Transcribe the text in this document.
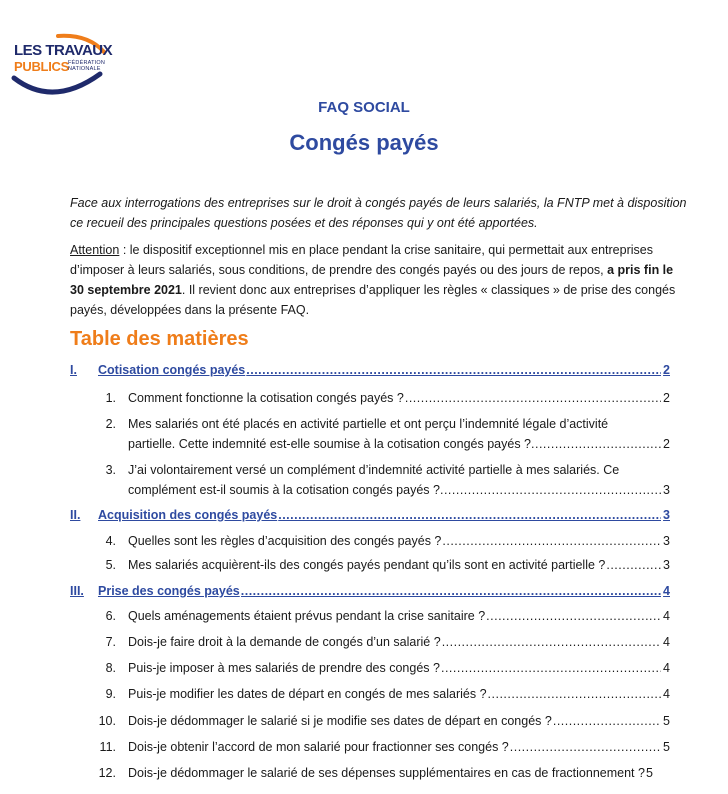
LES TRAVAUX
PUBLICS FÉDÉRATION
NATIONALE
FAQ SOCIAL
Congés payés
Face aux interrogations des entreprises sur le droit à congés payés de leurs salariés, la FNTP met à disposition ce recueil des principales questions posées et des réponses qui y ont été apportées.
Attention : le dispositif exceptionnel mis en place pendant la crise sanitaire, qui permettait aux entreprises d’imposer à leurs salariés, sous conditions, de prendre des congés payés ou des jours de repos, a pris fin le 30 septembre 2021. Il revient donc aux entreprises d’appliquer les règles « classiques » de prise des congés payés, développées dans la présente FAQ.
Table des matières
I.	Cotisation congés payés .....	2
1. Comment fonctionne la cotisation congés payés ? .....	2
2. Mes salariés ont été placés en activité partielle et ont perçu l’indemnité légale d’activité
partielle. Cette indemnité est-elle soumise à la cotisation congés payés ? .....	2
3. J’ai volontairement versé un complément d’indemnité activité partielle à mes salariés. Ce
complément est-il soumis à la cotisation congés payés ? .....	3
II.	Acquisition des congés payés .....	3
4. Quelles sont les règles d’acquisition des congés payés ? .....	3
5. Mes salariés acquièrent-ils des congés payés pendant qu’ils sont en activité partielle ? .....	3
III.	Prise des congés payés .....	4
6. Quels aménagements étaient prévus pendant la crise sanitaire ? .....	4
7. Dois-je faire droit à la demande de congés d’un salarié ? .....	4
8. Puis-je imposer à mes salariés de prendre des congés ? .....	4
9. Puis-je modifier les dates de départ en congés de mes salariés ? .....	4
10. Dois-je dédommager le salarié si je modifie ses dates de départ en congés ? .....	5
11. Dois-je obtenir l’accord de mon salarié pour fractionner ses congés ? .....	5
12. Dois-je dédommager le salarié de ses dépenses supplémentaires en cas de fractionnement ? 5
